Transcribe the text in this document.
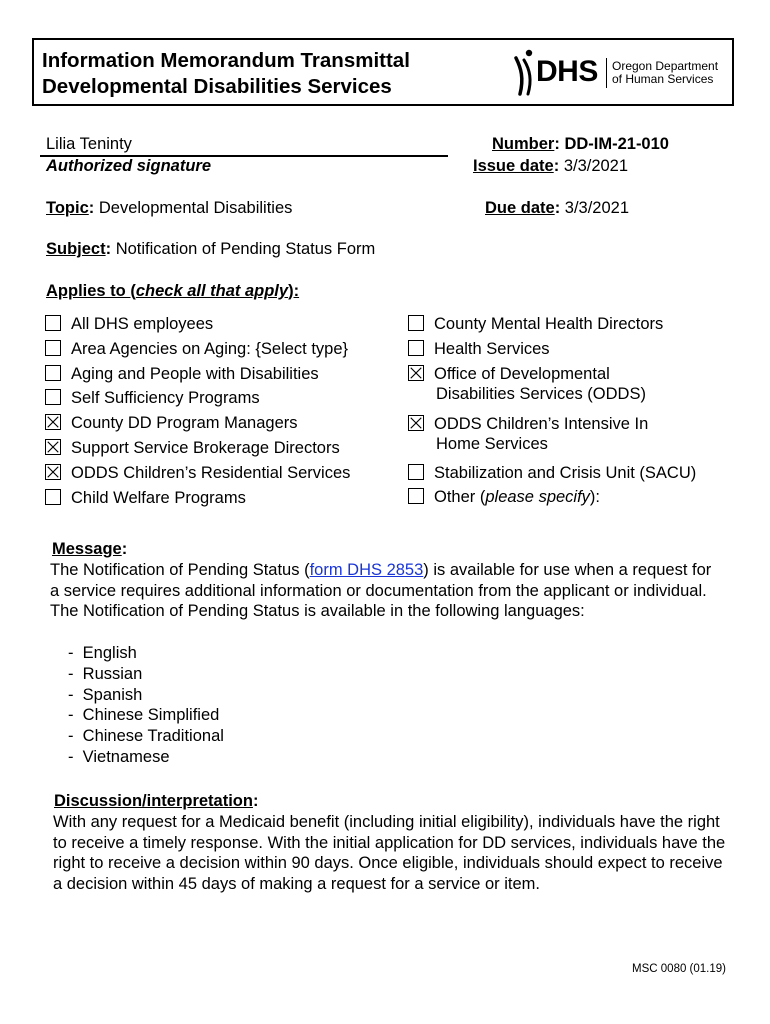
Information Memorandum Transmittal
Developmental Disabilities Services	DHS Oregon Department
of Human Services
Lilia Teninty
Authorized signature
Number: DD-IM-21-010
Issue date: 3/3/2021
Due date: 3/3/2021
Topic: Developmental Disabilities
Subject: Notification of Pending Status Form
Applies to (check all that apply):
All DHS employees
Area Agencies on Aging: {Select type}
Aging and People with Disabilities
Self Sufficiency Programs
County DD Program Managers
Support Service Brokerage Directors
ODDS Children’s Residential Services
Child Welfare Programs
County Mental Health Directors
Health Services
Office of Developmental
Disabilities Services (ODDS)
ODDS Children’s Intensive In
Home Services
Stabilization and Crisis Unit (SACU)
Other (please specify):
Message:
The Notification of Pending Status (form DHS 2853) is available for use when a request for a service requires additional information or documentation from the applicant or individual. The Notification of Pending Status is available in the following languages:
- English
- Russian
- Spanish
- Chinese Simplified
- Chinese Traditional
- Vietnamese
Discussion/interpretation:
With any request for a Medicaid benefit (including initial eligibility), individuals have the right to receive a timely response. With the initial application for DD services, individuals have the right to receive a decision within 90 days. Once eligible, individuals should expect to receive a decision within 45 days of making a request for a service or item.
MSC 0080 (01.19)
